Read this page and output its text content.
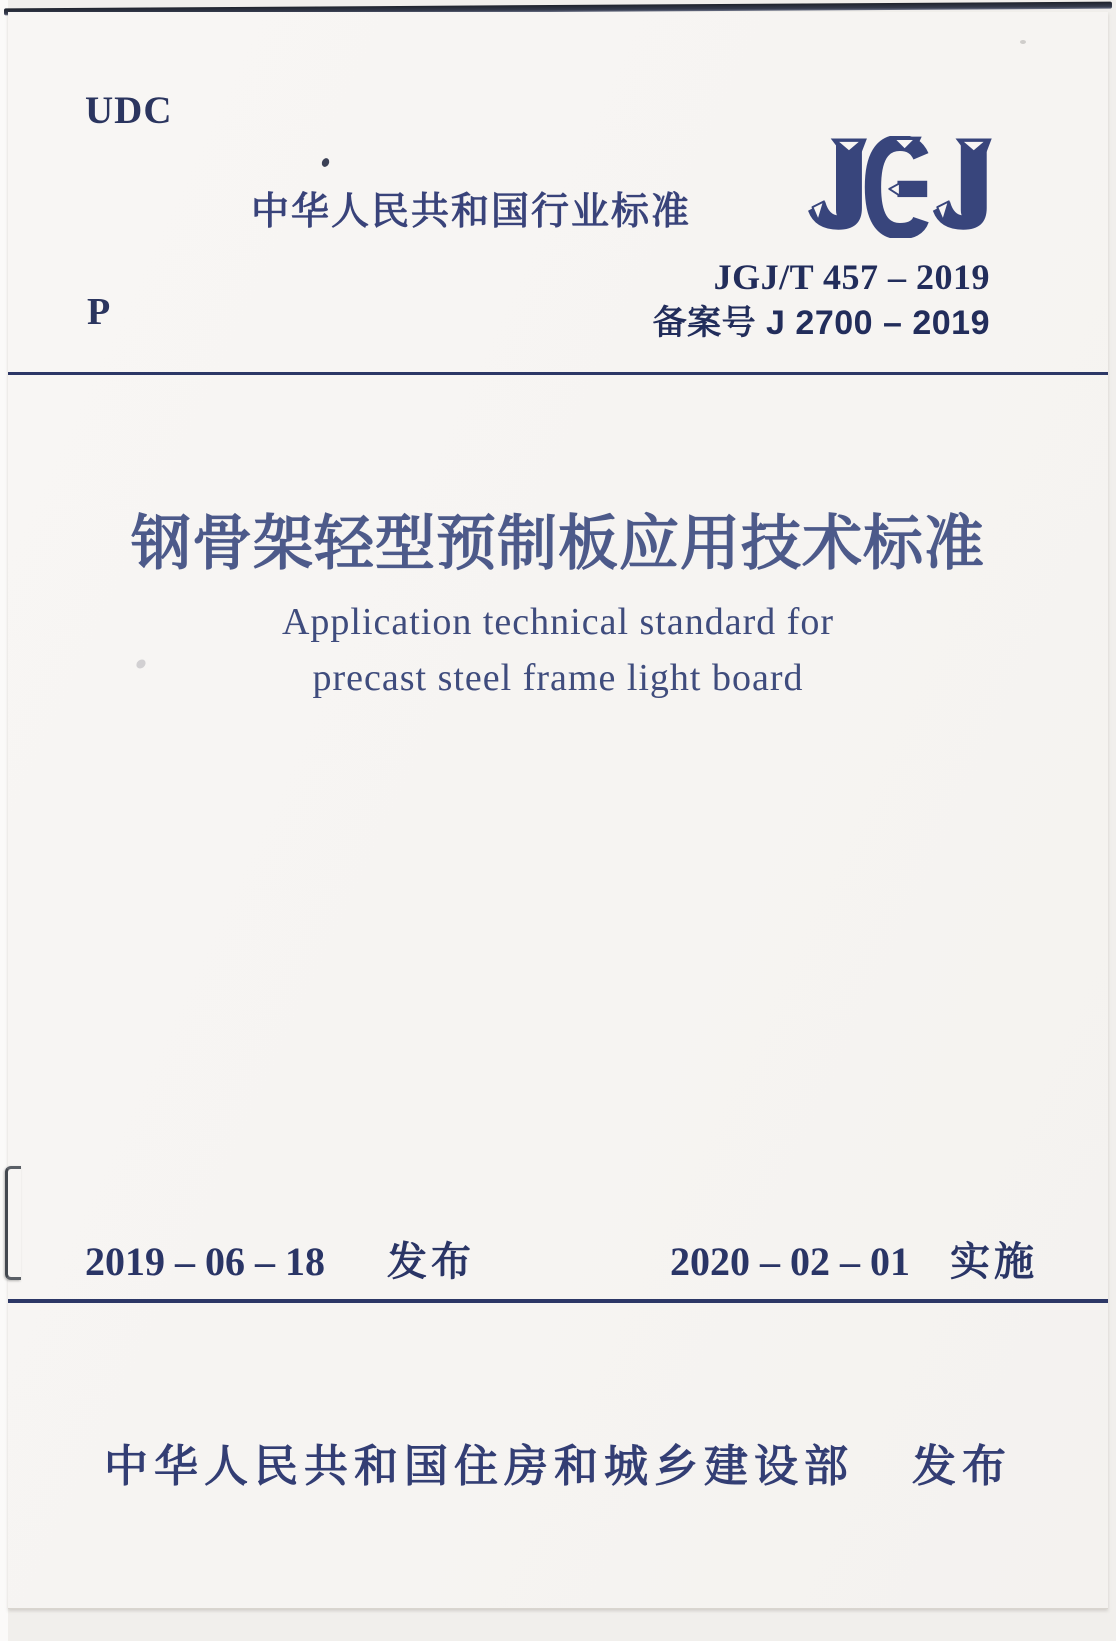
UDC
中华人民共和国行业标准
JGJ/T 457 – 2019
备案号 J 2700 – 2019
P
钢骨架轻型预制板应用技术标准
Application technical standard for
precast steel frame light board
2019 – 06 – 18 发布	2020 – 02 – 01 实施
中华人民共和国住房和城乡建设部 发布
